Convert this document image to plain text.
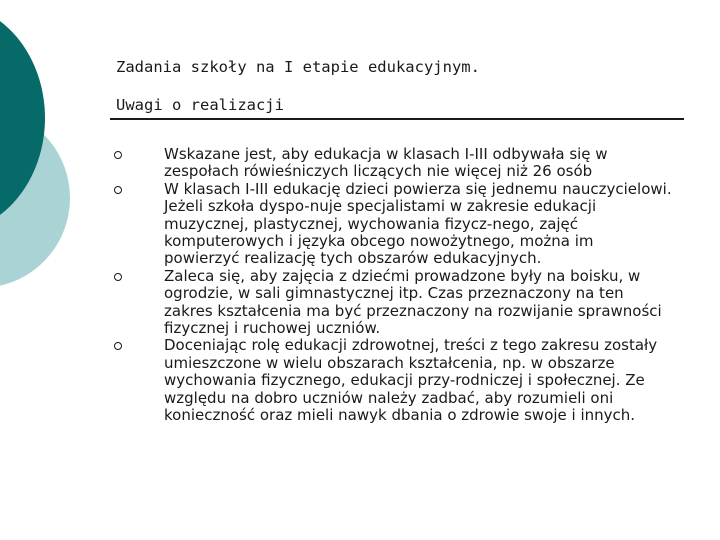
Zadania szkoły na I etapie edukacyjnym.
Uwagi o realizacji
Wskazane jest, aby edukacja w klasach I-III odbywała się w zespołach rówieśniczych liczących nie więcej niż 26 osób
W klasach I-III edukację dzieci powierza się jednemu nauczycielowi. Jeżeli szkoła dyspo-nuje specjalistami w zakresie edukacji muzycznej, plastycznej, wychowania fizycz-nego, zajęć komputerowych i języka obcego nowożytnego, można im powierzyć realizację tych obszarów edukacyjnych.
Zaleca się, aby zajęcia z dziećmi prowadzone były na boisku, w ogrodzie, w sali gimnastycznej itp. Czas przeznaczony na ten zakres kształcenia ma być przeznaczony na rozwijanie sprawności fizycznej i ruchowej uczniów.
Doceniając rolę edukacji zdrowotnej, treści z tego zakresu zostały umieszczone w wielu obszarach kształcenia, np. w obszarze wychowania fizycznego, edukacji przy-rodniczej i społecznej. Ze względu na dobro uczniów należy zadbać, aby rozumieli oni konieczność oraz mieli nawyk dbania o zdrowie swoje i innych.
